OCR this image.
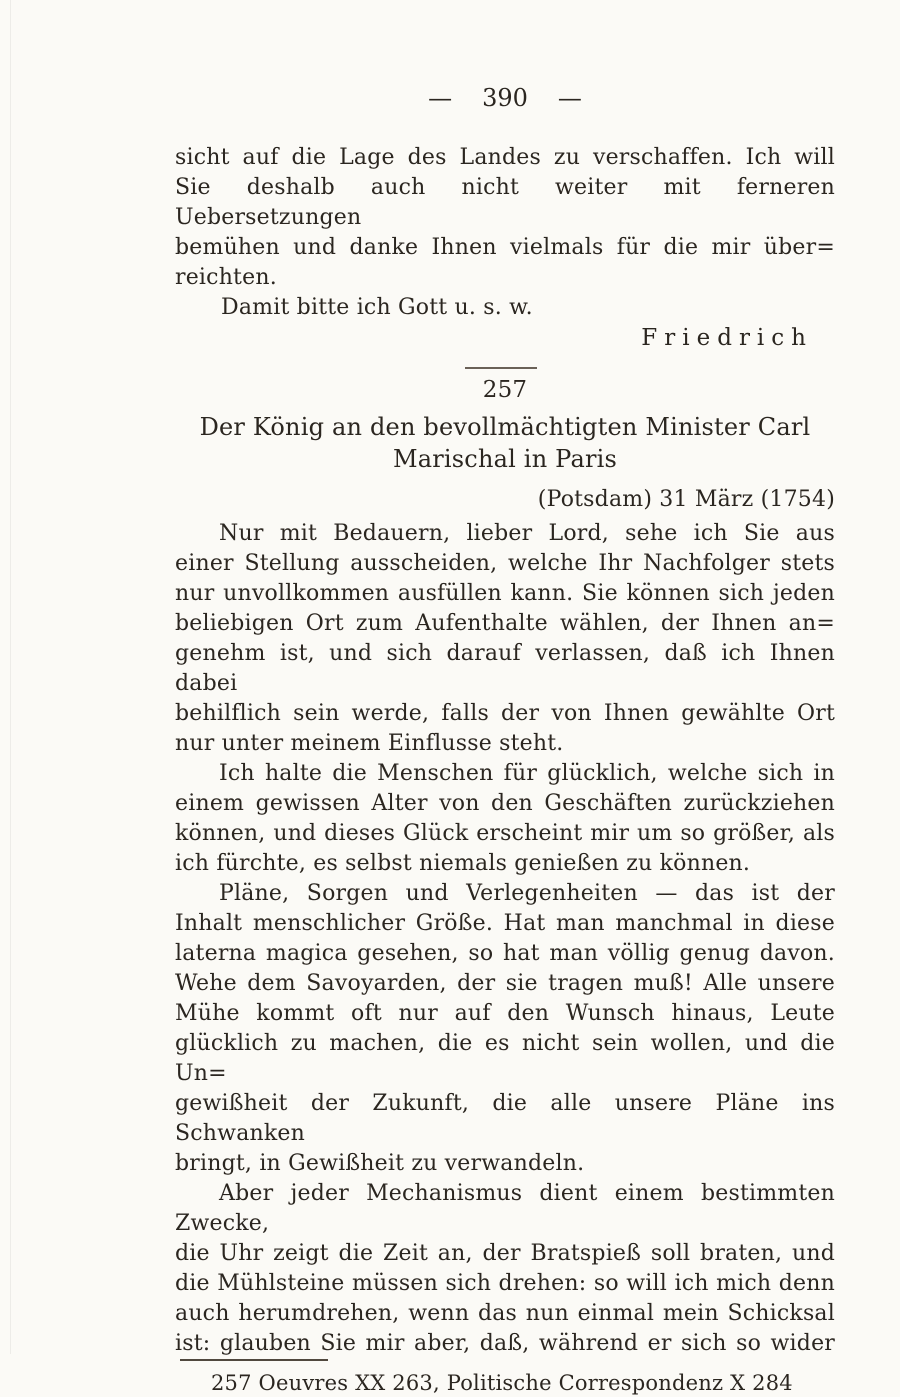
— 390 —
sicht auf die Lage des Landes zu verschaffen. Ich will
Sie deshalb auch nicht weiter mit ferneren Uebersetzungen
bemühen und danke Ihnen vielmals für die mir über=
reichten.
Damit bitte ich Gott u. s. w.
Friedrich
257
Der König an den bevollmächtigten Minister Carl
Marischal in Paris
(Potsdam) 31 März (1754)
Nur mit Bedauern, lieber Lord, sehe ich Sie aus
einer Stellung ausscheiden, welche Ihr Nachfolger stets
nur unvollkommen ausfüllen kann. Sie können sich jeden
beliebigen Ort zum Aufenthalte wählen, der Ihnen an=
genehm ist, und sich darauf verlassen, daß ich Ihnen dabei
behilflich sein werde, falls der von Ihnen gewählte Ort
nur unter meinem Einflusse steht.
Ich halte die Menschen für glücklich, welche sich in
einem gewissen Alter von den Geschäften zurückziehen
können, und dieses Glück erscheint mir um so größer, als
ich fürchte, es selbst niemals genießen zu können.
Pläne, Sorgen und Verlegenheiten — das ist der
Inhalt menschlicher Größe. Hat man manchmal in diese
laterna magica gesehen, so hat man völlig genug davon.
Wehe dem Savoyarden, der sie tragen muß! Alle unsere
Mühe kommt oft nur auf den Wunsch hinaus, Leute
glücklich zu machen, die es nicht sein wollen, und die Un=
gewißheit der Zukunft, die alle unsere Pläne ins Schwanken
bringt, in Gewißheit zu verwandeln.
Aber jeder Mechanismus dient einem bestimmten Zwecke,
die Uhr zeigt die Zeit an, der Bratspieß soll braten, und
die Mühlsteine müssen sich drehen: so will ich mich denn
auch herumdrehen, wenn das nun einmal mein Schicksal
ist: glauben Sie mir aber, daß, während er sich so wider
257 Oeuvres XX 263, Politische Correspondenz X 284
